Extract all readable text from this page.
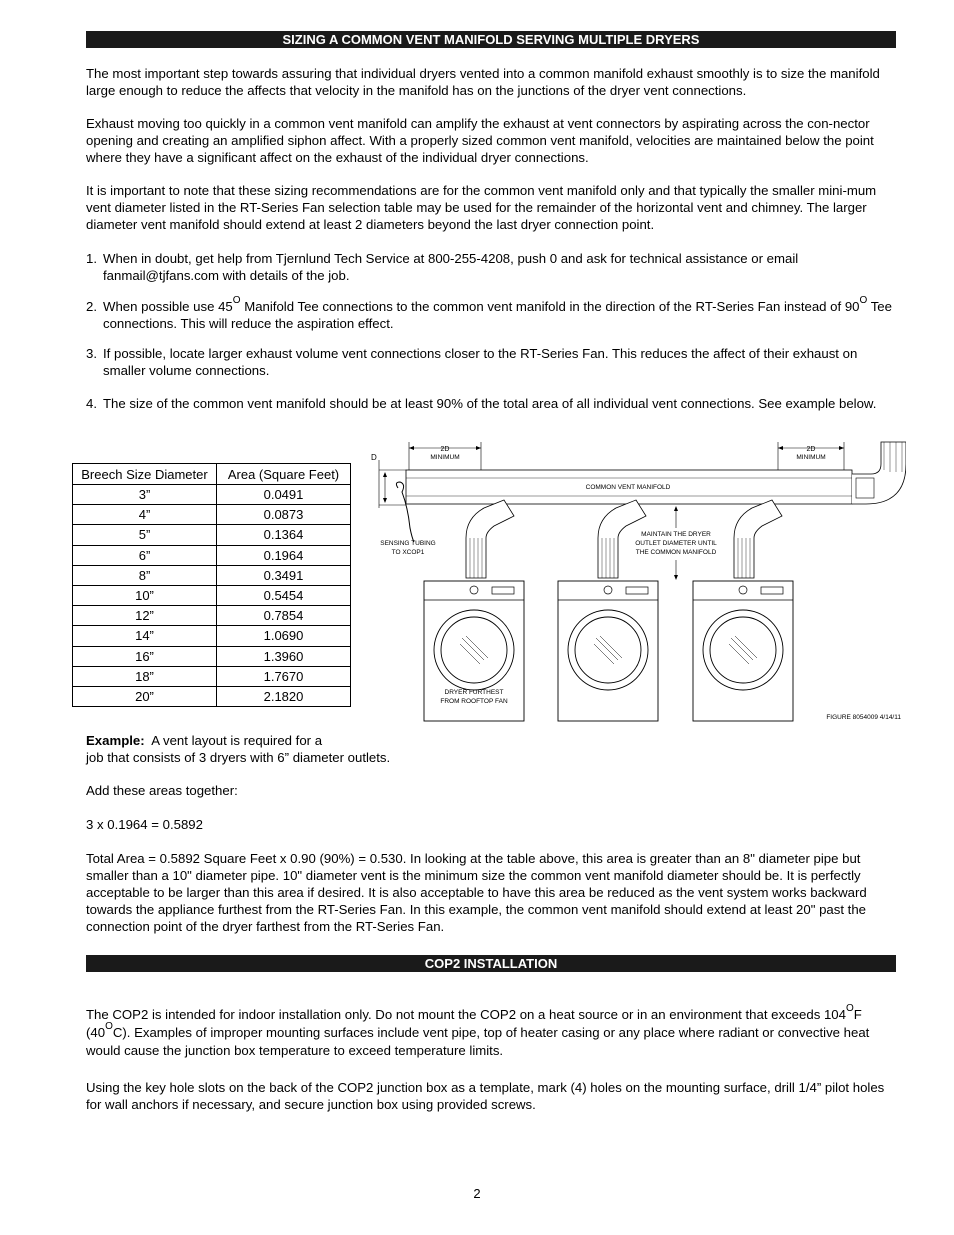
SIZING A COMMON VENT MANIFOLD SERVING MULTIPLE DRYERS

The most important step towards assuring that individual dryers vented into a common manifold exhaust smoothly is to size the manifold large enough to reduce the affects that velocity in the manifold has on the junctions of the dryer vent connections.

Exhaust moving too quickly in a common vent manifold can amplify the exhaust at vent connectors by aspirating across the con-nector opening and creating an amplified siphon affect. With a properly sized common vent manifold, velocities are maintained below the point where they have a significant affect on the exhaust of the individual dryer connections.

It is important to note that these sizing recommendations are for the common vent manifold only and that typically the smaller mini-mum vent diameter listed in the RT-Series Fan selection table may be used for the remainder of the horizontal vent and chimney. The larger diameter vent manifold should extend at least 2 diameters beyond the last dryer connection point.

1. When in doubt, get help from Tjernlund Tech Service at 800-255-4208, push 0 and ask for technical assistance or email fanmail@tjfans.com with details of the job.
2. When possible use $45^O$ Manifold Tee connections to the common vent manifold in the direction of the RT-Series Fan instead of $90^O$ Tee connections. This will reduce the aspiration effect.
3. If possible, locate larger exhaust volume vent connections closer to the RT-Series Fan. This reduces the affect of their exhaust on smaller volume connections.
4. The size of the common vent manifold should be at least 90% of the total area of all individual vent connections. See example below.
Breech Size Diameter	Area (Square Feet)
3”	0.0491
4”	0.0873
5”	0.1364
6”	0.1964
8”	0.3491
10”	0.5454
12”	0.7854
14”	1.0690
16”	1.3960
18”	1.7670
20”	2.1820
D
2D
MINIMUM
2D
MINIMUM
COMMON VENT MANIFOLD
SENSING TUBING
TO XCOP1
DRYER FURTHEST
FROM ROOFTOP FAN
MAINTAIN THE DRYER
OUTLET DIAMETER UNTIL
THE COMMON MANIFOLD
FIGURE 8054009 4/14/11
Example: A vent layout is required for a

job that consists of 3 dryers with 6” diameter outlets.

Add these areas together:

3 x 0.1964 = 0.5892

Total Area = 0.5892 Square Feet x 0.90 (90%) = 0.530. In looking at the table above, this area is greater than an 8" diameter pipe but smaller than a 10" diameter pipe. 10" diameter vent is the minimum size the common vent manifold diameter should be. It is perfectly acceptable to be larger than this area if desired. It is also acceptable to have this area be reduced as the vent system works backward towards the appliance furthest from the RT-Series Fan. In this example, the common vent manifold should extend at least 20" past the connection point of the dryer farthest from the RT-Series Fan.

COP2 INSTALLATION

The COP2 is intended for indoor installation only. Do not mount the COP2 on a heat source or in an environment that exceeds $104^OF$ $(40^OC)$. Examples of improper mounting surfaces include vent pipe, top of heater casing or any place where radiant or convective heat would cause the junction box temperature to exceed temperature limits.

Using the key hole slots on the back of the COP2 junction box as a template, mark (4) holes on the mounting surface, drill 1/4” pilot holes for wall anchors if necessary, and secure junction box using provided screws.

2
